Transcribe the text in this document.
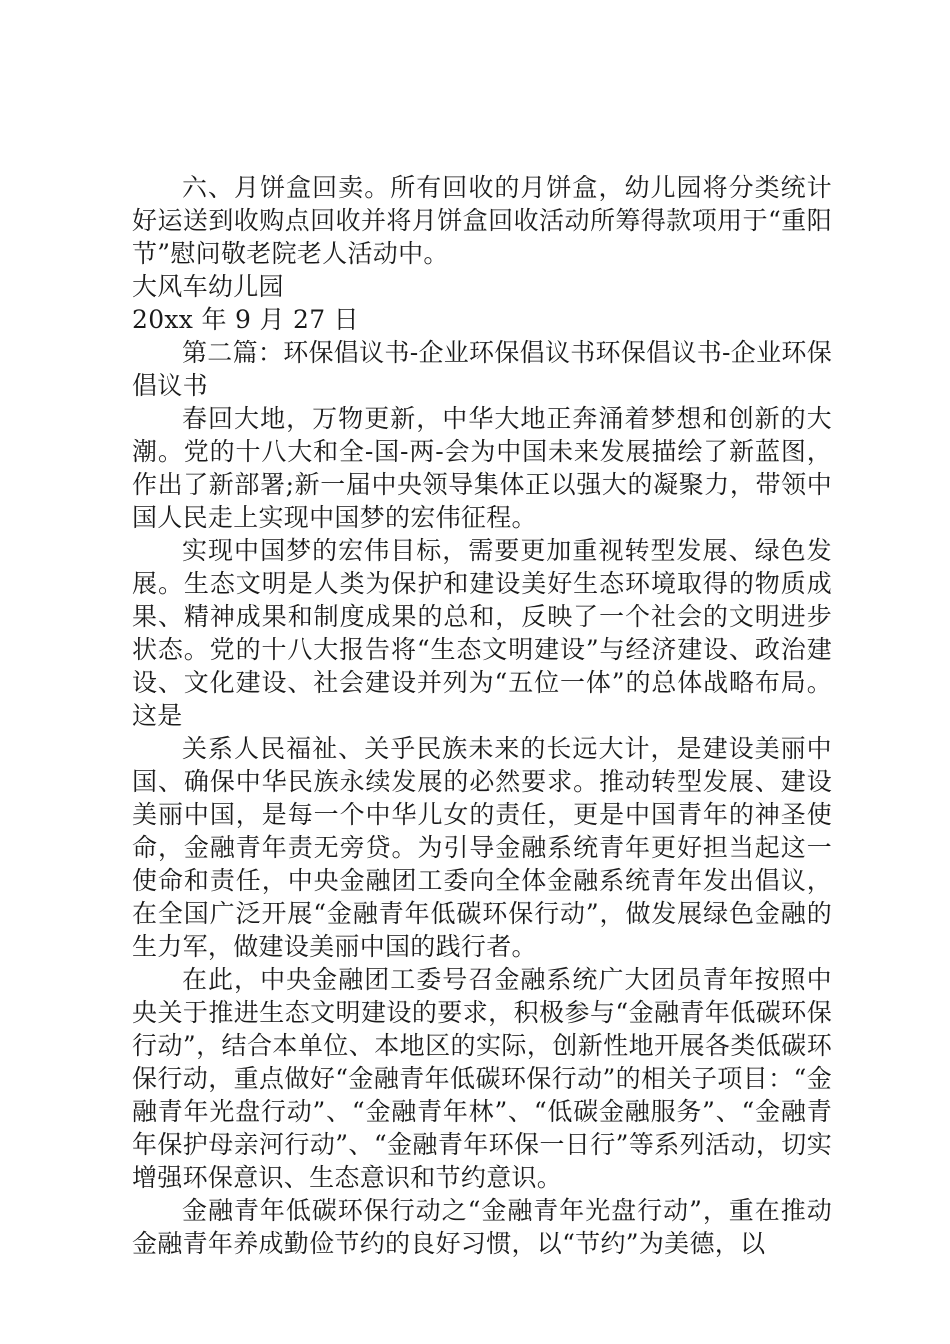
六、月饼盒回卖。所有回收的月饼盒，幼儿园将分类统计好运送到收购点回收并将月饼盒回收活动所筹得款项用于“重阳节”慰问敬老院老人活动中。

大风车幼儿园

20xx 年 9 月 27 日

第二篇：环保倡议书-企业环保倡议书环保倡议书-企业环保倡议书

春回大地，万物更新，中华大地正奔涌着梦想和创新的大潮。党的十八大和全-国-两-会为中国未来发展描绘了新蓝图，作出了新部署;新一届中央领导集体正以强大的凝聚力，带领中国人民走上实现中国梦的宏伟征程。

实现中国梦的宏伟目标，需要更加重视转型发展、绿色发展。生态文明是人类为保护和建设美好生态环境取得的物质成果、精神成果和制度成果的总和，反映了一个社会的文明进步状态。党的十八大报告将“生态文明建设”与经济建设、政治建设、文化建设、社会建设并列为“五位一体”的总体战略布局。这是

关系人民福祉、关乎民族未来的长远大计，是建设美丽中国、确保中华民族永续发展的必然要求。推动转型发展、建设美丽中国，是每一个中华儿女的责任，更是中国青年的神圣使命，金融青年责无旁贷。为引导金融系统青年更好担当起这一使命和责任，中央金融团工委向全体金融系统青年发出倡议，在全国广泛开展“金融青年低碳环保行动”，做发展绿色金融的生力军，做建设美丽中国的践行者。

在此，中央金融团工委号召金融系统广大团员青年按照中央关于推进生态文明建设的要求，积极参与“金融青年低碳环保行动”，结合本单位、本地区的实际，创新性地开展各类低碳环保行动，重点做好“金融青年低碳环保行动”的相关子项目：“金融青年光盘行动”、“金融青年林”、“低碳金融服务”、“金融青年保护母亲河行动”、“金融青年环保一日行”等系列活动，切实增强环保意识、生态意识和节约意识。

金融青年低碳环保行动之“金融青年光盘行动”，重在推动金融青年养成勤俭节约的良好习惯，以“节约”为美德，以
